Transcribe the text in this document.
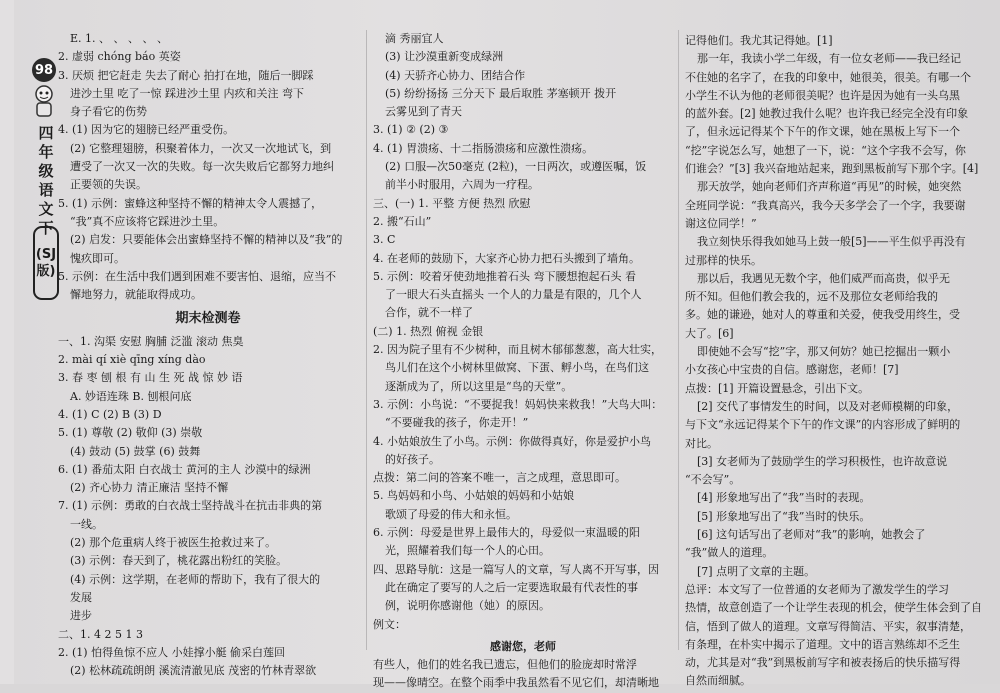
98
四年级语文下
(SJ版)
E. 1. 、 、 、 、 、
2. 虚弱 chóng báo 英姿
3. 厌烦 把它赶走 失去了耐心 拍打在地，随后一脚踩
进沙土里 吃了一惊 踩进沙土里 内疚和关注 弯下
身子看它的伤势
4. (1) 因为它的翅膀已经严重受伤。
(2) 它整理翅膀，积聚着体力，一次又一次地试飞，到
遭受了一次又一次的失败。每一次失败后它都努力地纠
正要领的失误。
5. (1) 示例：蜜蜂这种坚持不懈的精神太令人震撼了，
“我”真不应该将它踩进沙土里。
(2) 启发：只要能体会出蜜蜂坚持不懈的精神以及“我”的
愧疚即可。
5. 示例：在生活中我们遇到困难不要害怕、退缩，应当不
懈地努力，就能取得成功。
期末检测卷
一、1. 沟渠 安慰 胸脯 泛滥 滚动 焦臭
2. mài qí xiè qīng xíng dào
3. 春 枣 刨 根 有 山 生 死 战 惊 妙 语
A. 妙语连珠 B. 刨根问底
4. (1) C (2) B (3) D
5. (1) 尊敬 (2) 敬仰 (3) 崇敬
(4) 鼓动 (5) 鼓掌 (6) 鼓舞
6. (1) 番茄太阳 白衣战士 黄河的主人 沙漠中的绿洲
(2) 齐心协力 清正廉洁 坚持不懈
7. (1) 示例：勇敢的白衣战士坚持战斗在抗击非典的第
一线。
(2) 那个危重病人终于被医生抢救过来了。
(3) 示例：春天到了，桃花露出粉红的笑脸。
(4) 示例：这学期，在老师的帮助下，我有了很大的
发展
进步
二、1. 4 2 5 1 3
2. (1) 怕得鱼惊不应人 小娃撑小艇 偷采白莲回
(2) 松林疏疏朗朗 溪流清澈见底 茂密的竹林青翠欲
滴 秀丽宜人
(3) 让沙漠重新变成绿洲
(4) 天骄齐心协力、团结合作
(5) 纷纷扬扬 三分天下 最后取胜 茅塞顿开 拨开
云雾见到了青天
3. (1) ② (2) ③
4. (1) 胃溃疡、十二指肠溃疡和应激性溃疡。
(2) 口服—次50毫克 (2粒)，一日两次，或遵医嘱，饭
前半小时服用，六周为一疗程。
三、(一) 1. 平整 方便 热烈 欣慰
2. 搬“石山”
3. C
4. 在老师的鼓励下，大家齐心协力把石头搬到了墙角。
5. 示例：咬着牙使劲地推着石头 弯下腰想抱起石头 看
了一眼大石头直摇头 一个人的力量是有限的，几个人
合作，就不一样了
(二) 1. 热烈 俯视 金银
2. 因为院子里有不少树种，而且树木郁郁葱葱，高大壮实，
鸟儿们在这个小树林里做窝、下蛋、孵小鸟，在鸟们这
逐渐成为了，所以这里是“鸟的天堂”。
3. 示例：小鸟说：“不要捉我！妈妈快来救我！”大鸟大叫：
“不要碰我的孩子，你走开！”
4. 小姑娘放生了小鸟。示例：你做得真好，你是爱护小鸟
的好孩子。
点拨：第二问的答案不唯一，言之成理，意思即可。
5. 鸟妈妈和小鸟、小姑娘的妈妈和小姑娘
歌颂了母爱的伟大和永恒。
6. 示例：母爱是世界上最伟大的，母爱似一束温暖的阳
光，照耀着我们每一个人的心田。
四、思路导航：这是一篇写人的文章，写人离不开写事，因
此在确定了要写的人之后一定要选取最有代表性的事
例，说明你感谢他（她）的原因。
例文：
感谢您，老师
有些人，他们的姓名我已遗忘，但他们的脸庞却时常浮
现——像晴空。在整个雨季中我虽然看不见它们，却清晰地
记得他们。我尤其记得她。[1]
那一年，我读小学二年级，有一位女老师——我已经记
不住她的名字了，在我的印象中，她很美，很美。有哪一个
小学生不认为他的老师很美呢？也许是因为她有一头乌黑
的蓝外套。[2] 她教过我什么呢？也许我已经完全没有印象
了，但永远记得某个下午的作文课，她在黑板上写下一个
“挖”字说怎么写，她想了一下，说：“这个字我不会写，你
们谁会？”[3] 我兴奋地站起来，跑到黑板前写下那个字。[4]
那天放学，她向老师们齐声称道“再见”的时候，她突然
全班同学说：“我真高兴，我今天多学会了一个字，我要谢
谢这位同学！”
我立刻快乐得我如她马上鼓一般[5]——平生似乎再没有
过那样的快乐。
那以后，我遇见无数个字，他们威严而高贵，似乎无
所不知。但他们教会我的，远不及那位女老师给我的
多。她的谦逊，她对人的尊重和关爱，使我受用终生，受
大了。[6]
即使她不会写“挖”字，那又何妨？她已挖掘出一颗小
小女孩心中宝贵的自信。感谢您，老师！[7]
点拨：[1] 开篇设置悬念，引出下文。
[2] 交代了事情发生的时间，以及对老师模糊的印象，
与下文“永远记得某个下午的作文课”的内容形成了鲜明的
对比。
[3] 女老师为了鼓励学生的学习积极性，也许故意说
“不会写”。
[4] 形象地写出了“我”当时的表现。
[5] 形象地写出了“我”当时的快乐。
[6] 这句话写出了老师对“我”的影响，她教会了
“我”做人的道理。
[7] 点明了文章的主题。
总评：本文写了一位普通的女老师为了激发学生的学习
热情，故意创造了一个让学生表现的机会，使学生体会到了自
信，悟到了做人的道理。文章写得简洁、平实，叙事清楚，
有条理，在朴实中揭示了道理。文中的语言熟练却不乏生
动，尤其是对“我”到黑板前写字和被表扬后的快乐描写得
自然而细腻。
